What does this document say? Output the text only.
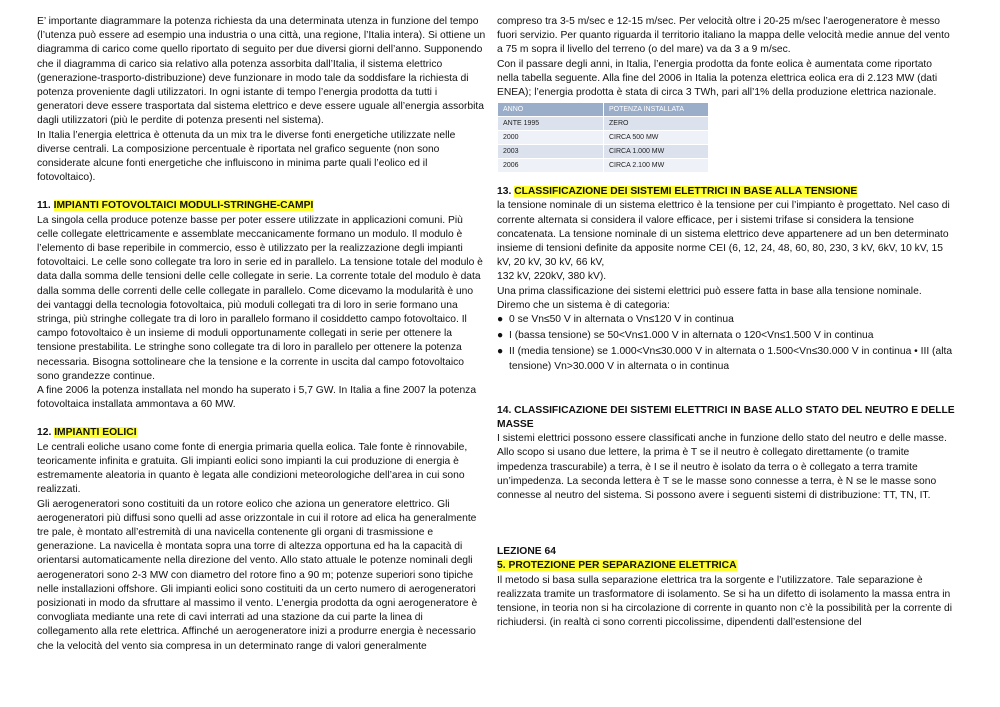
E’ importante diagrammare la potenza richiesta da una determinata utenza in funzione del tempo (l’utenza può essere ad esempio una industria o una città, una regione, l’Italia intera). Si ottiene un diagramma di carico come quello riportato di seguito per due diversi giorni dell’anno. Supponendo che il diagramma di carico sia relativo alla potenza assorbita dall’Italia, il sistema elettrico (generazione-trasporto-distribuzione) deve funzionare in modo tale da soddisfare la richiesta di potenza proveniente dagli utilizzatori. In ogni istante di tempo l’energia prodotta da tutti i generatori deve essere trasportata dal sistema elettrico e deve essere uguale all’energia assorbita dagli utilizzatori (più le perdite di potenza presenti nel sistema).

In Italia l’energia elettrica è ottenuta da un mix tra le diverse fonti energetiche utilizzate nelle diverse centrali. La composizione percentuale è riportata nel grafico seguente (non sono considerate alcune fonti energetiche che influiscono in minima parte quali l’eolico ed il fotovoltaico).

11. IMPIANTI FOTOVOLTAICI MODULI-STRINGHE-CAMPI

La singola cella produce potenze basse per poter essere utilizzate in applicazioni comuni. Più celle collegate elettricamente e assemblate meccanicamente formano un modulo. Il modulo è l’elemento di base reperibile in commercio, esso è utilizzato per la realizzazione degli impianti fotovoltaici. Le celle sono collegate tra loro in serie ed in parallelo. La tensione totale del modulo è data dalla somma delle tensioni delle celle collegate in serie. La corrente totale del modulo è data dalla somma delle correnti delle celle collegate in parallelo. Come dicevamo la modularità è uno dei vantaggi della tecnologia fotovoltaica, più moduli collegati tra di loro in serie formano una stringa, più stringhe collegate tra di loro in parallelo formano il cosiddetto campo fotovoltaico. Il campo fotovoltaico è un insieme di moduli opportunamente collegati in serie per ottenere la tensione prestabilita. Le stringhe sono collegate tra di loro in parallelo per ottenere la potenza necessaria. Bisogna sottolineare che la tensione e la corrente in uscita dal campo fotovoltaico sono grandezze continue.

A fine 2006 la potenza installata nel mondo ha superato i 5,7 GW. In Italia a fine 2007 la potenza fotovoltaica installata ammontava a 60 MW.

12. IMPIANTI EOLICI

Le centrali eoliche usano come fonte di energia primaria quella eolica. Tale fonte è rinnovabile, teoricamente infinita e gratuita. Gli impianti eolici sono impianti la cui produzione di energia è estremamente aleatoria in quanto è legata alle condizioni meteorologiche dell’area in cui sono realizzati.

Gli aerogeneratori sono costituiti da un rotore eolico che aziona un generatore elettrico. Gli aerogeneratori più diffusi sono quelli ad asse orizzontale in cui il rotore ad elica ha generalmente tre pale, è montato all’estremità di una navicella contenente gli organi di trasmissione e generazione. La navicella è montata sopra una torre di altezza opportuna ed ha la capacità di orientarsi automaticamente nella direzione del vento. Allo stato attuale le potenze nominali degli aerogeneratori sono 2-3 MW con diametro del rotore fino a 90 m; potenze superiori sono tipiche nelle installazioni offshore. Gli impianti eolici sono costituiti da un certo numero di aerogeneratori posizionati in modo da sfruttare al massimo il vento. L’energia prodotta da ogni aerogeneratore è convogliata mediante una rete di cavi interrati ad una stazione da cui parte la linea di collegamento alla rete elettrica. Affinché un aerogeneratore inizi a produrre energia è necessario che la velocità del vento sia compresa in un determinato range di valori generalmente

compreso tra 3-5 m/sec e 12-15 m/sec. Per velocità oltre i 20-25 m/sec l’aerogeneratore è messo fuori servizio. Per quanto riguarda il territorio italiano la mappa delle velocità medie annue del vento a 75 m sopra il livello del terreno (o del mare) va da 3 a 9 m/sec.

Con il passare degli anni, in Italia, l’energia prodotta da fonte eolica è aumentata come riportato nella tabella seguente. Alla fine del 2006 in Italia la potenza elettrica eolica era di 2.123 MW (dati ENEA); l’energia prodotta è stata di circa 3 TWh, pari all’1% della produzione elettrica nazionale.

ANNO	POTENZA INSTALLATA
ANTE 1995	ZERO
2000	CIRCA 500 MW
2003	CIRCA 1.000 MW
2006	CIRCA 2.100 MW
13. CLASSIFICAZIONE DEI SISTEMI ELETTRICI IN BASE ALLA TENSIONE

la tensione nominale di un sistema elettrico è la tensione per cui l’impianto è progettato. Nel caso di corrente alternata si considera il valore efficace, per i sistemi trifase si considera la tensione concatenata. La tensione nominale di un sistema elettrico deve appartenere ad un ben determinato insieme di tensioni definite da apposite norme CEI (6, 12, 24, 48, 60, 80, 230, 3 kV, 6kV, 10 kV, 15 kV, 20 kV, 30 kV, 66 kV,

132 kV, 220kV, 380 kV).

Una prima classificazione dei sistemi elettrici può essere fatta in base alla tensione nominale. Diremo che un sistema è di categoria:

● 0 se Vn≤50 V in alternata o Vn≤120 V in continua
● I (bassa tensione) se 50<Vn≤1.000 V in alternata o 120<Vn≤1.500 V in continua
● II (media tensione) se 1.000<Vn≤30.000 V in alternata o 1.500<Vn≤30.000 V in continua • III (alta tensione) Vn>30.000 V in alternata o in continua
14. CLASSIFICAZIONE DEI SISTEMI ELETTRICI IN BASE ALLO STATO DEL NEUTRO E DELLE MASSE

I sistemi elettrici possono essere classificati anche in funzione dello stato del neutro e delle masse. Allo scopo si usano due lettere, la prima è T se il neutro è collegato direttamente (o tramite impedenza trascurabile) a terra, è I se il neutro è isolato da terra o è collegato a terra tramite un’impedenza. La seconda lettera è T se le masse sono connesse a terra, è N se le masse sono connesse al neutro del sistema. Si possono avere i seguenti sistemi di distribuzione: TT, TN, IT.

LEZIONE 64
5. PROTEZIONE PER SEPARAZIONE ELETTRICA

Il metodo si basa sulla separazione elettrica tra la sorgente e l’utilizzatore. Tale separazione è realizzata tramite un trasformatore di isolamento. Se si ha un difetto di isolamento la massa entra in tensione, in teoria non si ha circolazione di corrente in quanto non c’è la possibilità per la corrente di richiudersi. (in realtà ci sono correnti piccolissime, dipendenti dall’estensione del
